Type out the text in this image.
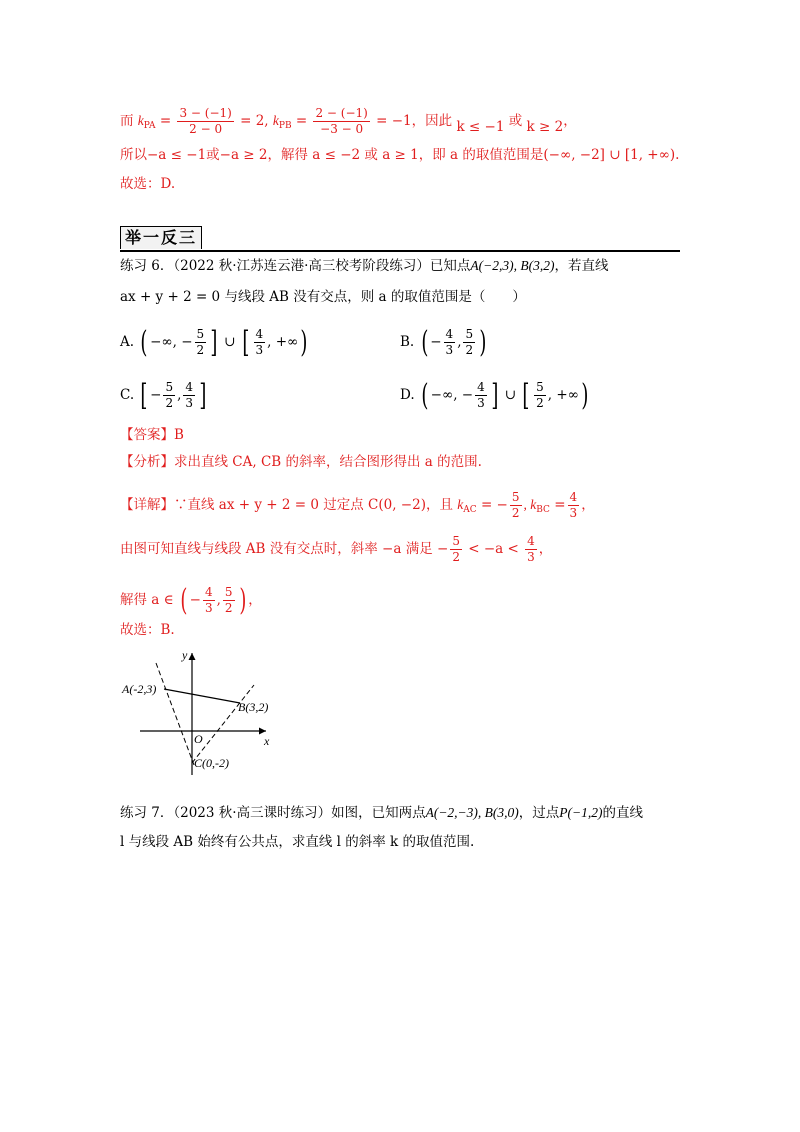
而 $k_{PA} = \frac{3 - (-1)}{2 - 0} = 2$, $k_{PB} = \frac{2 - (-1)}{-3 - 0} = -1$，因此 k ≤ −1 或 k ≥ 2，
所以−a ≤ −1或−a ≥ 2，解得 a ≤ −2 或 a ≥ 1，即 a 的取值范围是(−∞, −2] ∪ [1, +∞).
故选：D.
举一反三
练习 6．（2022 秋·江苏连云港·高三校考阶段练习）已知点A(−2,3), B(3,2)，若直线
ax + y + 2 = 0 与线段 AB 没有交点，则 a 的取值范围是（　　）
A. ( −∞, − $\frac{5}{2}$ ] ∪ [ $\frac{4}{3}$ , +∞)	B. ( − $\frac{4}{3}$ , $\frac{5}{2}$ )
C. [ − $\frac{5}{2}$ , $\frac{4}{3}$ ]	D. ( −∞, − $\frac{4}{3}$ ] ∪ [ $\frac{5}{2}$ , +∞)
【答案】B
【分析】求出直线 CA, CB 的斜率，结合图形得出 a 的范围.
【详解】∵直线 ax + y + 2 = 0 过定点 C(0, −2)，且 $k_{AC}$ = − $\frac{5}{2}$ , $k_{BC} = \frac{4}{3}$ ，
由图可知直线与线段 AB 没有交点时，斜率 −a 满足 − $\frac{5}{2} < -a < \frac{4}{3}$ ，
解得 a ∈ ( − $\frac{4}{3}$ , $\frac{5}{2}$ ) ，
故选：B.
A(-2,3)
B(3,2)
C(0,-2)
O	x
y
练习 7．（2023 秋·高三课时练习）如图，已知两点A(−2,−3), B(3,0)，过点P(−1,2)的直线
l 与线段 AB 始终有公共点，求直线 l 的斜率 k 的取值范围.
